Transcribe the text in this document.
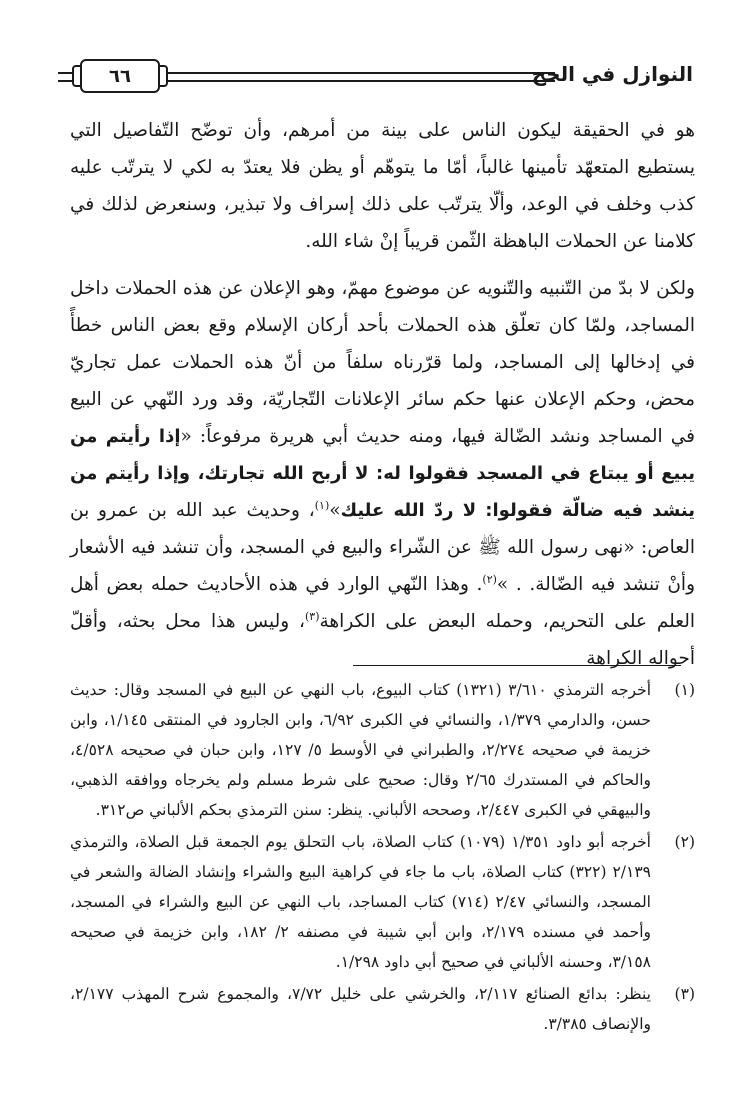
النوازل في الحج
٦٦

هو في الحقيقة ليكون الناس على بينة من أمرهم، وأن توضّح التّفاصيل التي يستطيع المتعهّد تأمينها غالباً، أمّا ما يتوهّم أو يظن فلا يعتدّ به لكي لا يترتّب عليه كذب وخلف في الوعد، وألّا يترتّب على ذلك إسراف ولا تبذير، وسنعرض لذلك في كلامنا عن الحملات الباهظة الثّمن قريباً إنْ شاء الله.

ولكن لا بدّ من التّنبيه والتّنويه عن موضوع مهمّ، وهو الإعلان عن هذه الحملات داخل المساجد، ولمّا كان تعلّق هذه الحملات بأحد أركان الإسلام وقع بعض الناس خطأً في إدخالها إلى المساجد، ولما قرّرناه سلفاً من أنّ هذه الحملات عمل تجاريّ محض، وحكم الإعلان عنها حكم سائر الإعلانات التّجاريّة، وقد ورد النّهي عن البيع في المساجد ونشد الضّالة فيها، ومنه حديث أبي هريرة مرفوعاً: «إذا رأيتم من يبيع أو يبتاع في المسجد فقولوا له: لا أربح الله تجارتك، وإذا رأيتم من ينشد فيه ضالّة فقولوا: لا ردّ الله عليك»$^{(١)}$، وحديث عبد الله بن عمرو بن العاص: «نهى رسول الله ﷺ عن الشّراء والبيع في المسجد، وأن تنشد فيه الأشعار وأنْ تنشد فيه الضّالة. . »$^{(٢)}$. وهذا النّهي الوارد في هذه الأحاديث حمله بعض أهل العلم على التحريم، وحمله البعض على الكراهة$^{(٣)}$، وليس هذا محل بحثه، وأقلّ أحواله الكراهة

(١)
أخرجه الترمذي ٣/٦١٠ (١٣٢١) كتاب البيوع، باب النهي عن البيع في المسجد وقال: حديث حسن، والدارمي ١/٣٧٩، والنسائي في الكبرى ٦/٩٢، وابن الجارود في المنتقى ١/١٤٥، وابن خزيمة في صحيحه ٢/٢٧٤، والطبراني في الأوسط ٥/ ١٢٧، وابن حبان في صحيحه ٤/٥٢٨، والحاكم في المستدرك ٢/٦٥ وقال: صحيح على شرط مسلم ولم يخرجاه ووافقه الذهبي، والبيهقي في الكبرى ٢/٤٤٧، وصححه الألباني. ينظر: سنن الترمذي بحكم الألباني ص٣١٢.
(٢)
أخرجه أبو داود ١/٣٥١ (١٠٧٩) كتاب الصلاة، باب التحلق يوم الجمعة قبل الصلاة، والترمذي ٢/١٣٩ (٣٢٢) كتاب الصلاة، باب ما جاء في كراهية البيع والشراء وإنشاد الضالة والشعر في المسجد، والنسائي ٢/٤٧ (٧١٤) كتاب المساجد، باب النهي عن البيع والشراء في المسجد، وأحمد في مسنده ٢/١٧٩، وابن أبي شيبة في مصنفه ٢/ ١٨٢، وابن خزيمة في صحيحه ٣/١٥٨، وحسنه الألباني في صحيح أبي داود ١/٢٩٨.
(٣)
ينظر: بدائع الصنائع ٢/١١٧، والخرشي على خليل ٧/٧٢، والمجموع شرح المهذب ٢/١٧٧، والإنصاف ٣/٣٨٥.
